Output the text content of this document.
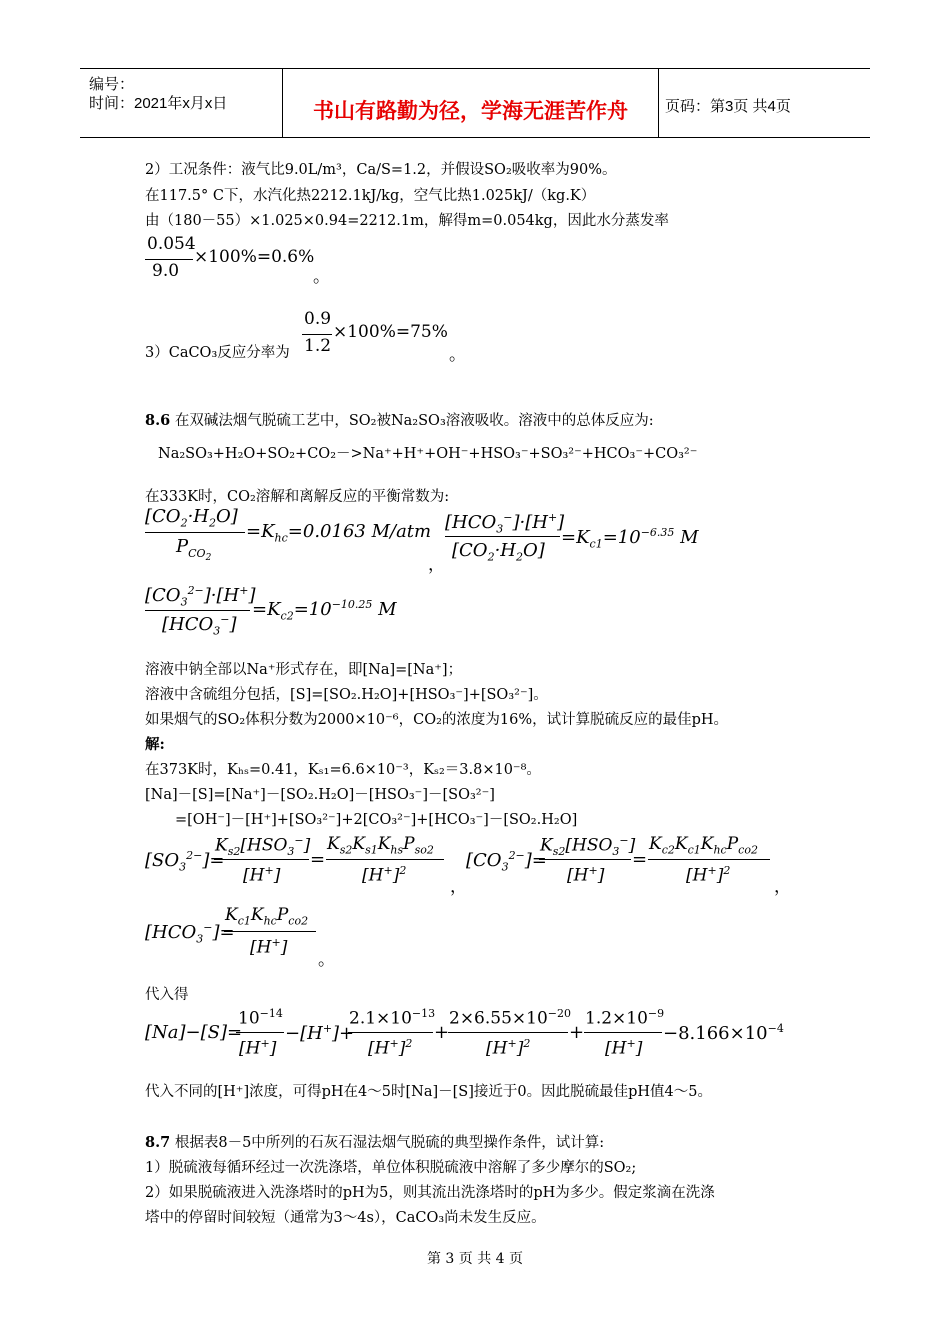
编号：
时间：2021年x月x日	书山有路勤为径，学海无涯苦作舟	页码：第3页 共4页
2）工况条件：液气比9.0L/m³，Ca/S=1.2，并假设SO₂吸收率为90%。
在117.5° C下，水汽化热2212.1kJ/kg，空气比热1.025kJ/（kg.K）
由（180－55）×1.025×0.94=2212.1m，解得m=0.054kg，因此水分蒸发率
0.054
9.0
×100%=0.6%
。
3）CaCO₃反应分率为
0.9
1.2
×100%=75%
。
8.6 在双碱法烟气脱硫工艺中，SO₂被Na₂SO₃溶液吸收。溶液中的总体反应为:
Na₂SO₃+H₂O+SO₂+CO₂－>Na⁺+H⁺+OH⁻+HSO₃⁻+SO₃²⁻+HCO₃⁻+CO₃²⁻
在333K时，CO₂溶解和离解反应的平衡常数为:
$[CO_2\cdot H_2O]$
$P_{CO_2}$
$=K_{hc}=0.0163$ M/atm
，
$[HCO_3^-]\cdot[H^+]$
$[CO_2\cdot H_2O]$
$=K_{c1}=10^{-6.35}$ M
$[CO_3^{2-}]\cdot[H^+]$
$[HCO_3^-]$
$=K_{c2}=10^{-10.25}$ M
溶液中钠全部以Na⁺形式存在，即[Na]=[Na⁺]；
溶液中含硫组分包括，[S]=[SO₂.H₂O]+[HSO₃⁻]+[SO₃²⁻]。
如果烟气的SO₂体积分数为2000×10⁻⁶，CO₂的浓度为16%，试计算脱硫反应的最佳pH。
解:
在373K时，Kₕₛ=0.41，Kₛ₁=6.6×10⁻³，Kₛ₂＝3.8×10⁻⁸。
[Na]－[S]=[Na⁺]－[SO₂.H₂O]－[HSO₃⁻]－[SO₃²⁻]
=[OH⁻]－[H⁺]+[SO₃²⁻]+2[CO₃²⁻]+[HCO₃⁻]－[SO₂.H₂O]
$[SO_3^{2-}]=$
$K_{s2}[HSO_3^-]$
[H+]
=
$K_{s2}K_{s1}K_{hs}P_{so2}$
$[H^+]^2$
，
$[CO_3^{2-}]=$
$K_{s2}[HSO_3^-]$
[H+]
=
$K_{c2}K_{c1}K_{hc}P_{co2}$
$[H^+]^2$
，
$[HCO_3^-]=$
$K_{c1}K_{hc}P_{co2}$
[H+]
。
代入得
[Na]−[S]=
$10^{-14}$
[H+]
−[H+]+
$2.1\times 10^{-13}$
$[H^+]^2$
+
$2\times 6.55\times 10^{-20}$
$[H^+]^2$
+
$1.2\times 10^{-9}$
[H+]
$-8.166\times 10^{-4}$
代入不同的[H⁺]浓度，可得pH在4～5时[Na]－[S]接近于0。因此脱硫最佳pH值4～5。
8.7 根据表8－5中所列的石灰石湿法烟气脱硫的典型操作条件，试计算:
1）脱硫液每循环经过一次洗涤塔，单位体积脱硫液中溶解了多少摩尔的SO₂;
2）如果脱硫液进入洗涤塔时的pH为5，则其流出洗涤塔时的pH为多少。假定浆滴在洗涤
塔中的停留时间较短（通常为3～4s），CaCO₃尚未发生反应。
第 3 页 共 4 页
